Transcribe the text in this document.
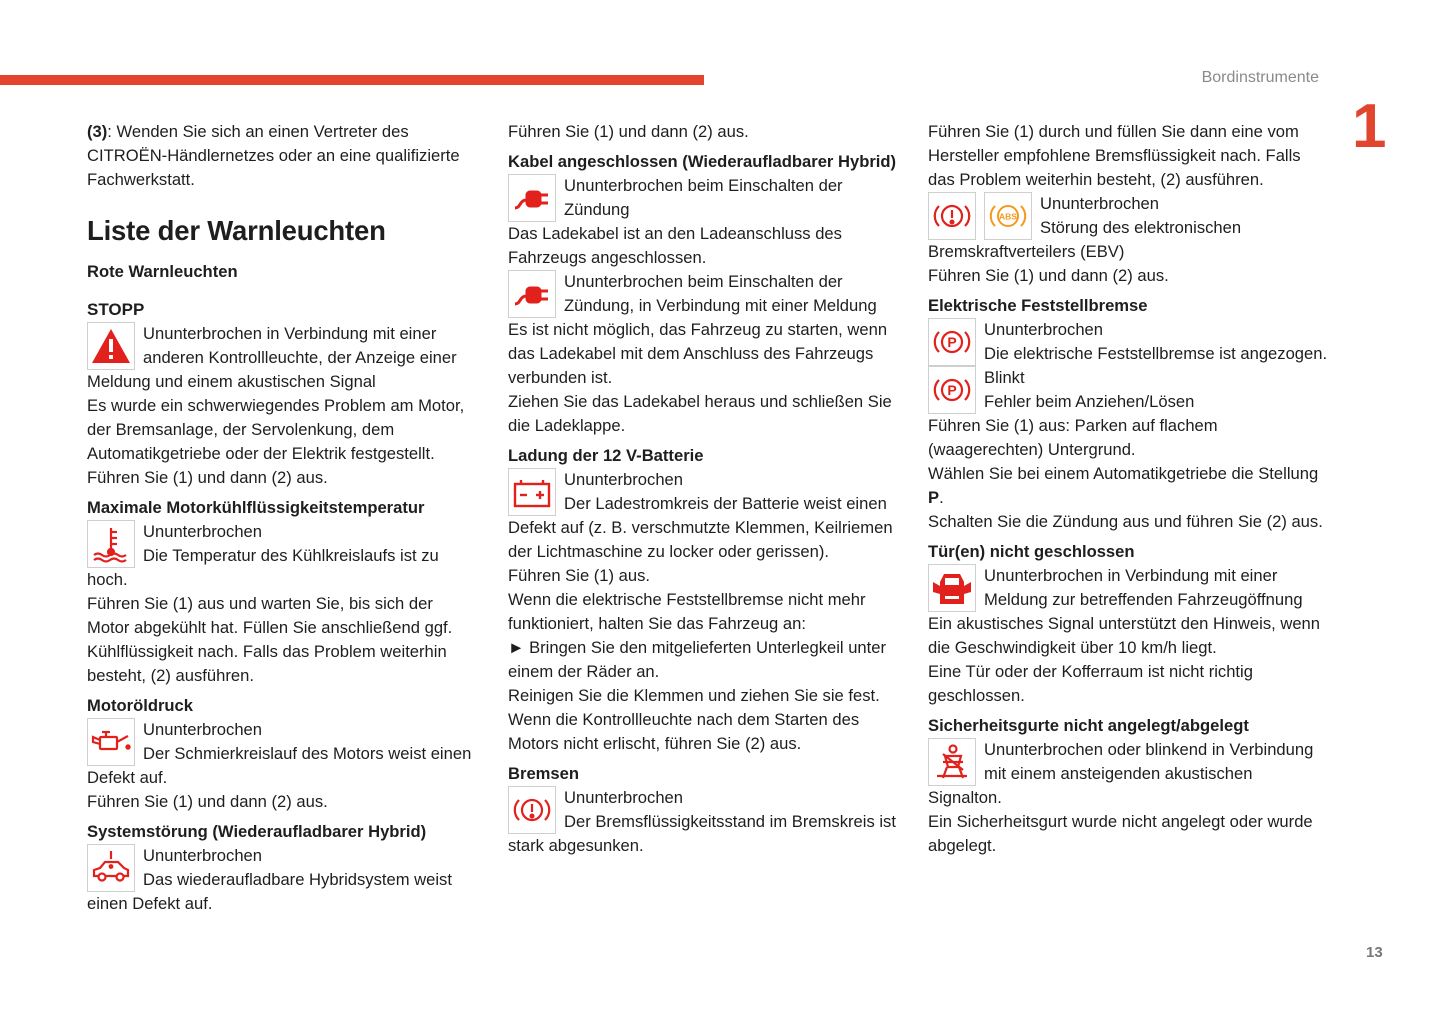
Bordinstrumente
1
13

(3): Wenden Sie sich an einen Vertreter des CITROËN-Händlernetzes oder an eine qualifizierte Fachwerkstatt.

Liste der Warnleuchten
Rote Warnleuchten
STOPP
Ununterbrochen in Verbindung mit einer anderen Kontrollleuchte, der Anzeige einer Meldung und einem akustischen Signal

Es wurde ein schwerwiegendes Problem am Motor, der Bremsanlage, der Servolenkung, dem Automatikgetriebe oder der Elektrik festgestellt.

Führen Sie (1) und dann (2) aus.

Maximale Motorkühlflüssigkeitstemperatur
Ununterbrochen
Die Temperatur des Kühlkreislaufs ist zu hoch.

Führen Sie (1) aus und warten Sie, bis sich der Motor abgekühlt hat. Füllen Sie anschließend ggf. Kühlflüssigkeit nach. Falls das Problem weiterhin besteht, (2) ausführen.

Motoröldruck
Ununterbrochen
Der Schmierkreislauf des Motors weist einen Defekt auf.

Führen Sie (1) und dann (2) aus.

Systemstörung (Wiederaufladbarer Hybrid)
Ununterbrochen
Das wiederaufladbare Hybridsystem weist einen Defekt auf.

Führen Sie (1) und dann (2) aus.

Kabel angeschlossen (Wiederaufladbarer Hybrid)
Ununterbrochen beim Einschalten der Zündung

Das Ladekabel ist an den Ladeanschluss des Fahrzeugs angeschlossen.

Ununterbrochen beim Einschalten der Zündung, in Verbindung mit einer Meldung

Es ist nicht möglich, das Fahrzeug zu starten, wenn das Ladekabel mit dem Anschluss des Fahrzeugs verbunden ist.

Ziehen Sie das Ladekabel heraus und schließen Sie die Ladeklappe.

Ladung der 12 V-Batterie
Ununterbrochen
Der Ladestromkreis der Batterie weist einen Defekt auf (z. B. verschmutzte Klemmen, Keilriemen der Lichtmaschine zu locker oder gerissen).

Führen Sie (1) aus.

Wenn die elektrische Feststellbremse nicht mehr funktioniert, halten Sie das Fahrzeug an:

► Bringen Sie den mitgelieferten Unterlegkeil unter einem der Räder an.

Reinigen Sie die Klemmen und ziehen Sie sie fest.

Wenn die Kontrollleuchte nach dem Starten des Motors nicht erlischt, führen Sie (2) aus.

Bremsen
Ununterbrochen
Der Bremsflüssigkeitsstand im Bremskreis ist stark abgesunken.

Führen Sie (1) durch und füllen Sie dann eine vom Hersteller empfohlene Bremsflüssigkeit nach. Falls das Problem weiterhin besteht, (2) ausführen.

ABS
Ununterbrochen
Störung des elektronischen Bremskraftverteilers (EBV)

Führen Sie (1) und dann (2) aus.

Elektrische Feststellbremse
P
Ununterbrochen
Die elektrische Feststellbremse ist angezogen.
P
Blinkt
Fehler beim Anziehen/Lösen

Führen Sie (1) aus: Parken auf flachem (waagerechten) Untergrund.

Wählen Sie bei einem Automatikgetriebe die Stellung P.

Schalten Sie die Zündung aus und führen Sie (2) aus.

Tür(en) nicht geschlossen
Ununterbrochen in Verbindung mit einer Meldung zur betreffenden Fahrzeugöffnung

Ein akustisches Signal unterstützt den Hinweis, wenn die Geschwindigkeit über 10 km/h liegt.

Eine Tür oder der Kofferraum ist nicht richtig geschlossen.

Sicherheitsgurte nicht angelegt/abgelegt
Ununterbrochen oder blinkend in Verbindung mit einem ansteigenden akustischen Signalton.

Ein Sicherheitsgurt wurde nicht angelegt oder wurde abgelegt.
